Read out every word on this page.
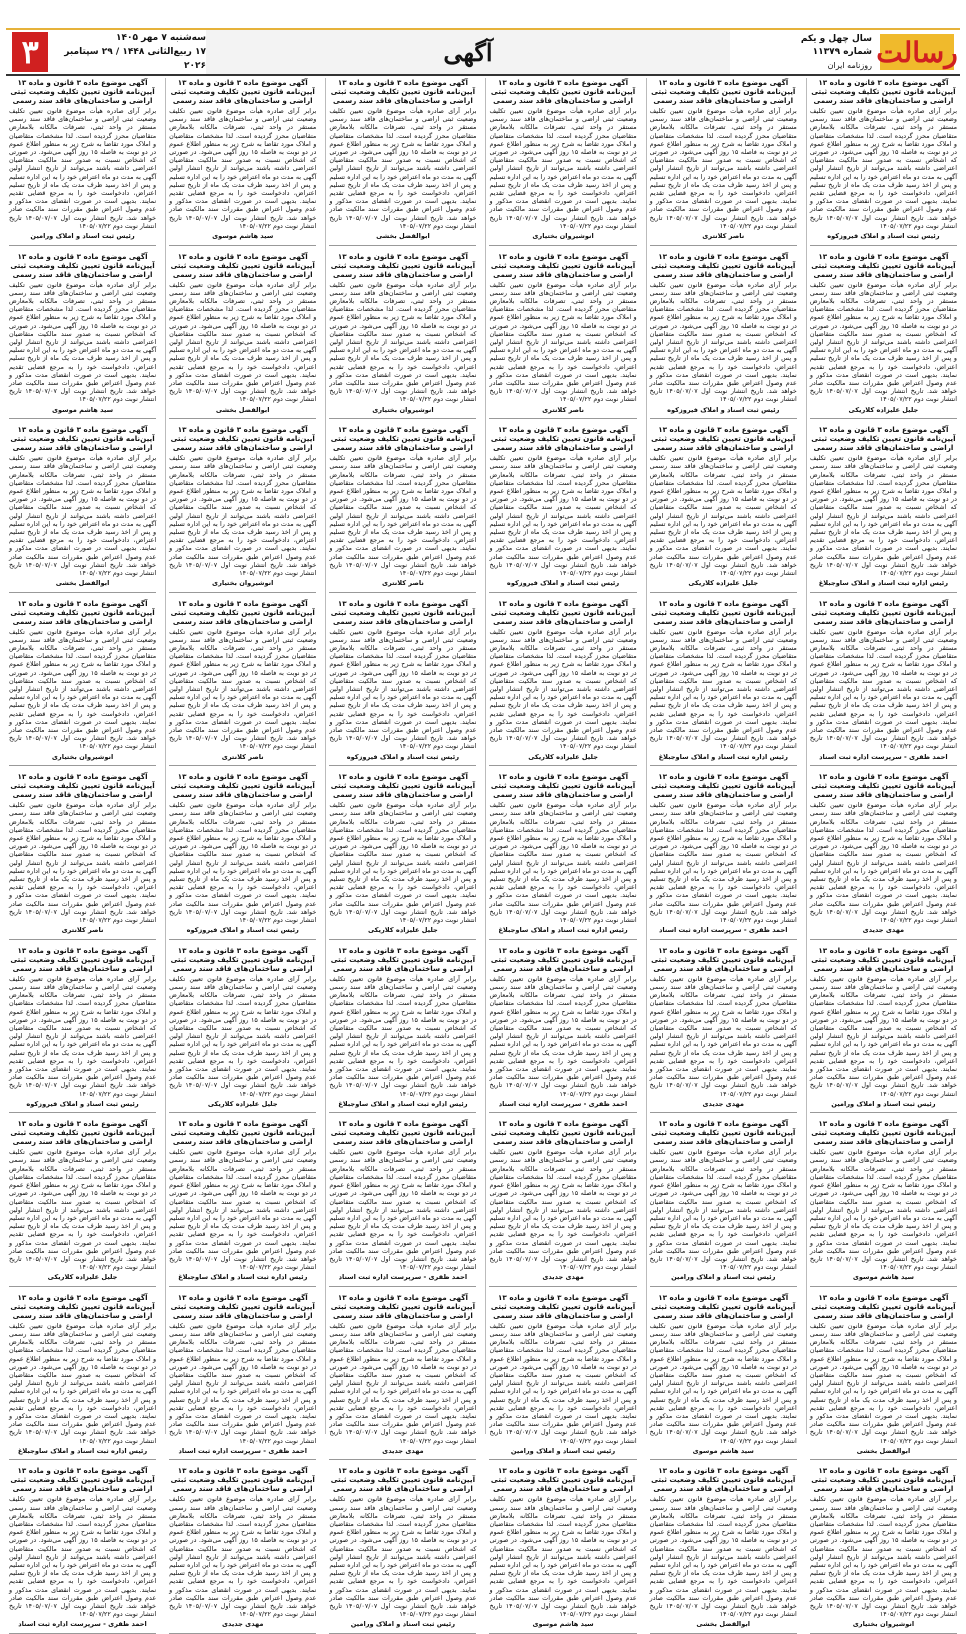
رسالت
سال چهل و یکم
شماره ۱۱۳۷۹
روزنامه ایران
آگهی
۳	سه‌شنبه ۷ مهر ۱۴۰۵
۱۷ ربیع‌الثانی ۱۴۴۸ / ۲۹ سپتامبر ۲۰۲۶
آگهی موضوع ماده ۳ قانون و ماده ۱۳ آیین‌نامه قانون تعیین تکلیف وضعیت ثبتی اراضی و ساختمان‌های فاقد سند رسمی
برابر آرای صادره هیأت موضوع قانون تعیین تکلیف وضعیت ثبتی اراضی و ساختمان‌های فاقد سند رسمی مستقر در واحد ثبتی، تصرفات مالکانه بلامعارض متقاضیان محرز گردیده است. لذا مشخصات متقاضیان و املاک مورد تقاضا به شرح زیر به منظور اطلاع عموم در دو نوبت به فاصله ۱۵ روز آگهی می‌شود. در صورتی که اشخاص نسبت به صدور سند مالکیت متقاضیان اعتراضی داشته باشند می‌توانند از تاریخ انتشار اولین آگهی به مدت دو ماه اعتراض خود را به این اداره تسلیم و پس از اخذ رسید ظرف مدت یک ماه از تاریخ تسلیم اعتراض، دادخواست خود را به مرجع قضایی تقدیم نمایند. بدیهی است در صورت انقضای مدت مذکور و عدم وصول اعتراض طبق مقررات سند مالکیت صادر خواهد شد. تاریخ انتشار نوبت اول ۱۴۰۵/۰۷/۰۷ تاریخ انتشار نوبت دوم ۱۴۰۵/۰۷/۲۲
رئیس ثبت اسناد و املاک فیروزکوه
آگهی موضوع ماده ۳ قانون و ماده ۱۳ آیین‌نامه قانون تعیین تکلیف وضعیت ثبتی اراضی و ساختمان‌های فاقد سند رسمی
برابر آرای صادره هیأت موضوع قانون تعیین تکلیف وضعیت ثبتی اراضی و ساختمان‌های فاقد سند رسمی مستقر در واحد ثبتی، تصرفات مالکانه بلامعارض متقاضیان محرز گردیده است. لذا مشخصات متقاضیان و املاک مورد تقاضا به شرح زیر به منظور اطلاع عموم در دو نوبت به فاصله ۱۵ روز آگهی می‌شود. در صورتی که اشخاص نسبت به صدور سند مالکیت متقاضیان اعتراضی داشته باشند می‌توانند از تاریخ انتشار اولین آگهی به مدت دو ماه اعتراض خود را به این اداره تسلیم و پس از اخذ رسید ظرف مدت یک ماه از تاریخ تسلیم اعتراض، دادخواست خود را به مرجع قضایی تقدیم نمایند. بدیهی است در صورت انقضای مدت مذکور و عدم وصول اعتراض طبق مقررات سند مالکیت صادر خواهد شد. تاریخ انتشار نوبت اول ۱۴۰۵/۰۷/۰۷ تاریخ انتشار نوبت دوم ۱۴۰۵/۰۷/۲۲
جلیل علیزاده کلاریکی
آگهی موضوع ماده ۳ قانون و ماده ۱۳ آیین‌نامه قانون تعیین تکلیف وضعیت ثبتی اراضی و ساختمان‌های فاقد سند رسمی
برابر آرای صادره هیأت موضوع قانون تعیین تکلیف وضعیت ثبتی اراضی و ساختمان‌های فاقد سند رسمی مستقر در واحد ثبتی، تصرفات مالکانه بلامعارض متقاضیان محرز گردیده است. لذا مشخصات متقاضیان و املاک مورد تقاضا به شرح زیر به منظور اطلاع عموم در دو نوبت به فاصله ۱۵ روز آگهی می‌شود. در صورتی که اشخاص نسبت به صدور سند مالکیت متقاضیان اعتراضی داشته باشند می‌توانند از تاریخ انتشار اولین آگهی به مدت دو ماه اعتراض خود را به این اداره تسلیم و پس از اخذ رسید ظرف مدت یک ماه از تاریخ تسلیم اعتراض، دادخواست خود را به مرجع قضایی تقدیم نمایند. بدیهی است در صورت انقضای مدت مذکور و عدم وصول اعتراض طبق مقررات سند مالکیت صادر خواهد شد. تاریخ انتشار نوبت اول ۱۴۰۵/۰۷/۰۷ تاریخ انتشار نوبت دوم ۱۴۰۵/۰۷/۲۲
رئیس اداره ثبت اسناد و املاک ساوجبلاغ
آگهی موضوع ماده ۳ قانون و ماده ۱۳ آیین‌نامه قانون تعیین تکلیف وضعیت ثبتی اراضی و ساختمان‌های فاقد سند رسمی
برابر آرای صادره هیأت موضوع قانون تعیین تکلیف وضعیت ثبتی اراضی و ساختمان‌های فاقد سند رسمی مستقر در واحد ثبتی، تصرفات مالکانه بلامعارض متقاضیان محرز گردیده است. لذا مشخصات متقاضیان و املاک مورد تقاضا به شرح زیر به منظور اطلاع عموم در دو نوبت به فاصله ۱۵ روز آگهی می‌شود. در صورتی که اشخاص نسبت به صدور سند مالکیت متقاضیان اعتراضی داشته باشند می‌توانند از تاریخ انتشار اولین آگهی به مدت دو ماه اعتراض خود را به این اداره تسلیم و پس از اخذ رسید ظرف مدت یک ماه از تاریخ تسلیم اعتراض، دادخواست خود را به مرجع قضایی تقدیم نمایند. بدیهی است در صورت انقضای مدت مذکور و عدم وصول اعتراض طبق مقررات سند مالکیت صادر خواهد شد. تاریخ انتشار نوبت اول ۱۴۰۵/۰۷/۰۷ تاریخ انتشار نوبت دوم ۱۴۰۵/۰۷/۲۲
احمد ظفری - سرپرست اداره ثبت اسناد
آگهی موضوع ماده ۳ قانون و ماده ۱۳ آیین‌نامه قانون تعیین تکلیف وضعیت ثبتی اراضی و ساختمان‌های فاقد سند رسمی
برابر آرای صادره هیأت موضوع قانون تعیین تکلیف وضعیت ثبتی اراضی و ساختمان‌های فاقد سند رسمی مستقر در واحد ثبتی، تصرفات مالکانه بلامعارض متقاضیان محرز گردیده است. لذا مشخصات متقاضیان و املاک مورد تقاضا به شرح زیر به منظور اطلاع عموم در دو نوبت به فاصله ۱۵ روز آگهی می‌شود. در صورتی که اشخاص نسبت به صدور سند مالکیت متقاضیان اعتراضی داشته باشند می‌توانند از تاریخ انتشار اولین آگهی به مدت دو ماه اعتراض خود را به این اداره تسلیم و پس از اخذ رسید ظرف مدت یک ماه از تاریخ تسلیم اعتراض، دادخواست خود را به مرجع قضایی تقدیم نمایند. بدیهی است در صورت انقضای مدت مذکور و عدم وصول اعتراض طبق مقررات سند مالکیت صادر خواهد شد. تاریخ انتشار نوبت اول ۱۴۰۵/۰۷/۰۷ تاریخ انتشار نوبت دوم ۱۴۰۵/۰۷/۲۲
مهدی جدیدی
آگهی موضوع ماده ۳ قانون و ماده ۱۳ آیین‌نامه قانون تعیین تکلیف وضعیت ثبتی اراضی و ساختمان‌های فاقد سند رسمی
برابر آرای صادره هیأت موضوع قانون تعیین تکلیف وضعیت ثبتی اراضی و ساختمان‌های فاقد سند رسمی مستقر در واحد ثبتی، تصرفات مالکانه بلامعارض متقاضیان محرز گردیده است. لذا مشخصات متقاضیان و املاک مورد تقاضا به شرح زیر به منظور اطلاع عموم در دو نوبت به فاصله ۱۵ روز آگهی می‌شود. در صورتی که اشخاص نسبت به صدور سند مالکیت متقاضیان اعتراضی داشته باشند می‌توانند از تاریخ انتشار اولین آگهی به مدت دو ماه اعتراض خود را به این اداره تسلیم و پس از اخذ رسید ظرف مدت یک ماه از تاریخ تسلیم اعتراض، دادخواست خود را به مرجع قضایی تقدیم نمایند. بدیهی است در صورت انقضای مدت مذکور و عدم وصول اعتراض طبق مقررات سند مالکیت صادر خواهد شد. تاریخ انتشار نوبت اول ۱۴۰۵/۰۷/۰۷ تاریخ انتشار نوبت دوم ۱۴۰۵/۰۷/۲۲
رئیس ثبت اسناد و املاک ورامین
آگهی موضوع ماده ۳ قانون و ماده ۱۳ آیین‌نامه قانون تعیین تکلیف وضعیت ثبتی اراضی و ساختمان‌های فاقد سند رسمی
برابر آرای صادره هیأت موضوع قانون تعیین تکلیف وضعیت ثبتی اراضی و ساختمان‌های فاقد سند رسمی مستقر در واحد ثبتی، تصرفات مالکانه بلامعارض متقاضیان محرز گردیده است. لذا مشخصات متقاضیان و املاک مورد تقاضا به شرح زیر به منظور اطلاع عموم در دو نوبت به فاصله ۱۵ روز آگهی می‌شود. در صورتی که اشخاص نسبت به صدور سند مالکیت متقاضیان اعتراضی داشته باشند می‌توانند از تاریخ انتشار اولین آگهی به مدت دو ماه اعتراض خود را به این اداره تسلیم و پس از اخذ رسید ظرف مدت یک ماه از تاریخ تسلیم اعتراض، دادخواست خود را به مرجع قضایی تقدیم نمایند. بدیهی است در صورت انقضای مدت مذکور و عدم وصول اعتراض طبق مقررات سند مالکیت صادر خواهد شد. تاریخ انتشار نوبت اول ۱۴۰۵/۰۷/۰۷ تاریخ انتشار نوبت دوم ۱۴۰۵/۰۷/۲۲
سید هاشم موسوی
آگهی موضوع ماده ۳ قانون و ماده ۱۳ آیین‌نامه قانون تعیین تکلیف وضعیت ثبتی اراضی و ساختمان‌های فاقد سند رسمی
برابر آرای صادره هیأت موضوع قانون تعیین تکلیف وضعیت ثبتی اراضی و ساختمان‌های فاقد سند رسمی مستقر در واحد ثبتی، تصرفات مالکانه بلامعارض متقاضیان محرز گردیده است. لذا مشخصات متقاضیان و املاک مورد تقاضا به شرح زیر به منظور اطلاع عموم در دو نوبت به فاصله ۱۵ روز آگهی می‌شود. در صورتی که اشخاص نسبت به صدور سند مالکیت متقاضیان اعتراضی داشته باشند می‌توانند از تاریخ انتشار اولین آگهی به مدت دو ماه اعتراض خود را به این اداره تسلیم و پس از اخذ رسید ظرف مدت یک ماه از تاریخ تسلیم اعتراض، دادخواست خود را به مرجع قضایی تقدیم نمایند. بدیهی است در صورت انقضای مدت مذکور و عدم وصول اعتراض طبق مقررات سند مالکیت صادر خواهد شد. تاریخ انتشار نوبت اول ۱۴۰۵/۰۷/۰۷ تاریخ انتشار نوبت دوم ۱۴۰۵/۰۷/۲۲
ابوالفضل بخشی
آگهی موضوع ماده ۳ قانون و ماده ۱۳ آیین‌نامه قانون تعیین تکلیف وضعیت ثبتی اراضی و ساختمان‌های فاقد سند رسمی
برابر آرای صادره هیأت موضوع قانون تعیین تکلیف وضعیت ثبتی اراضی و ساختمان‌های فاقد سند رسمی مستقر در واحد ثبتی، تصرفات مالکانه بلامعارض متقاضیان محرز گردیده است. لذا مشخصات متقاضیان و املاک مورد تقاضا به شرح زیر به منظور اطلاع عموم در دو نوبت به فاصله ۱۵ روز آگهی می‌شود. در صورتی که اشخاص نسبت به صدور سند مالکیت متقاضیان اعتراضی داشته باشند می‌توانند از تاریخ انتشار اولین آگهی به مدت دو ماه اعتراض خود را به این اداره تسلیم و پس از اخذ رسید ظرف مدت یک ماه از تاریخ تسلیم اعتراض، دادخواست خود را به مرجع قضایی تقدیم نمایند. بدیهی است در صورت انقضای مدت مذکور و عدم وصول اعتراض طبق مقررات سند مالکیت صادر خواهد شد. تاریخ انتشار نوبت اول ۱۴۰۵/۰۷/۰۷ تاریخ انتشار نوبت دوم ۱۴۰۵/۰۷/۲۲
انوشیروان بختیاری
آگهی موضوع ماده ۳ قانون و ماده ۱۳ آیین‌نامه قانون تعیین تکلیف وضعیت ثبتی اراضی و ساختمان‌های فاقد سند رسمی
برابر آرای صادره هیأت موضوع قانون تعیین تکلیف وضعیت ثبتی اراضی و ساختمان‌های فاقد سند رسمی مستقر در واحد ثبتی، تصرفات مالکانه بلامعارض متقاضیان محرز گردیده است. لذا مشخصات متقاضیان و املاک مورد تقاضا به شرح زیر به منظور اطلاع عموم در دو نوبت به فاصله ۱۵ روز آگهی می‌شود. در صورتی که اشخاص نسبت به صدور سند مالکیت متقاضیان اعتراضی داشته باشند می‌توانند از تاریخ انتشار اولین آگهی به مدت دو ماه اعتراض خود را به این اداره تسلیم و پس از اخذ رسید ظرف مدت یک ماه از تاریخ تسلیم اعتراض، دادخواست خود را به مرجع قضایی تقدیم نمایند. بدیهی است در صورت انقضای مدت مذکور و عدم وصول اعتراض طبق مقررات سند مالکیت صادر خواهد شد. تاریخ انتشار نوبت اول ۱۴۰۵/۰۷/۰۷ تاریخ انتشار نوبت دوم ۱۴۰۵/۰۷/۲۲
ناصر کلانتری
آگهی موضوع ماده ۳ قانون و ماده ۱۳ آیین‌نامه قانون تعیین تکلیف وضعیت ثبتی اراضی و ساختمان‌های فاقد سند رسمی
برابر آرای صادره هیأت موضوع قانون تعیین تکلیف وضعیت ثبتی اراضی و ساختمان‌های فاقد سند رسمی مستقر در واحد ثبتی، تصرفات مالکانه بلامعارض متقاضیان محرز گردیده است. لذا مشخصات متقاضیان و املاک مورد تقاضا به شرح زیر به منظور اطلاع عموم در دو نوبت به فاصله ۱۵ روز آگهی می‌شود. در صورتی که اشخاص نسبت به صدور سند مالکیت متقاضیان اعتراضی داشته باشند می‌توانند از تاریخ انتشار اولین آگهی به مدت دو ماه اعتراض خود را به این اداره تسلیم و پس از اخذ رسید ظرف مدت یک ماه از تاریخ تسلیم اعتراض، دادخواست خود را به مرجع قضایی تقدیم نمایند. بدیهی است در صورت انقضای مدت مذکور و عدم وصول اعتراض طبق مقررات سند مالکیت صادر خواهد شد. تاریخ انتشار نوبت اول ۱۴۰۵/۰۷/۰۷ تاریخ انتشار نوبت دوم ۱۴۰۵/۰۷/۲۲
رئیس ثبت اسناد و املاک فیروزکوه
آگهی موضوع ماده ۳ قانون و ماده ۱۳ آیین‌نامه قانون تعیین تکلیف وضعیت ثبتی اراضی و ساختمان‌های فاقد سند رسمی
برابر آرای صادره هیأت موضوع قانون تعیین تکلیف وضعیت ثبتی اراضی و ساختمان‌های فاقد سند رسمی مستقر در واحد ثبتی، تصرفات مالکانه بلامعارض متقاضیان محرز گردیده است. لذا مشخصات متقاضیان و املاک مورد تقاضا به شرح زیر به منظور اطلاع عموم در دو نوبت به فاصله ۱۵ روز آگهی می‌شود. در صورتی که اشخاص نسبت به صدور سند مالکیت متقاضیان اعتراضی داشته باشند می‌توانند از تاریخ انتشار اولین آگهی به مدت دو ماه اعتراض خود را به این اداره تسلیم و پس از اخذ رسید ظرف مدت یک ماه از تاریخ تسلیم اعتراض، دادخواست خود را به مرجع قضایی تقدیم نمایند. بدیهی است در صورت انقضای مدت مذکور و عدم وصول اعتراض طبق مقررات سند مالکیت صادر خواهد شد. تاریخ انتشار نوبت اول ۱۴۰۵/۰۷/۰۷ تاریخ انتشار نوبت دوم ۱۴۰۵/۰۷/۲۲
جلیل علیزاده کلاریکی
آگهی موضوع ماده ۳ قانون و ماده ۱۳ آیین‌نامه قانون تعیین تکلیف وضعیت ثبتی اراضی و ساختمان‌های فاقد سند رسمی
برابر آرای صادره هیأت موضوع قانون تعیین تکلیف وضعیت ثبتی اراضی و ساختمان‌های فاقد سند رسمی مستقر در واحد ثبتی، تصرفات مالکانه بلامعارض متقاضیان محرز گردیده است. لذا مشخصات متقاضیان و املاک مورد تقاضا به شرح زیر به منظور اطلاع عموم در دو نوبت به فاصله ۱۵ روز آگهی می‌شود. در صورتی که اشخاص نسبت به صدور سند مالکیت متقاضیان اعتراضی داشته باشند می‌توانند از تاریخ انتشار اولین آگهی به مدت دو ماه اعتراض خود را به این اداره تسلیم و پس از اخذ رسید ظرف مدت یک ماه از تاریخ تسلیم اعتراض، دادخواست خود را به مرجع قضایی تقدیم نمایند. بدیهی است در صورت انقضای مدت مذکور و عدم وصول اعتراض طبق مقررات سند مالکیت صادر خواهد شد. تاریخ انتشار نوبت اول ۱۴۰۵/۰۷/۰۷ تاریخ انتشار نوبت دوم ۱۴۰۵/۰۷/۲۲
رئیس اداره ثبت اسناد و املاک ساوجبلاغ
آگهی موضوع ماده ۳ قانون و ماده ۱۳ آیین‌نامه قانون تعیین تکلیف وضعیت ثبتی اراضی و ساختمان‌های فاقد سند رسمی
برابر آرای صادره هیأت موضوع قانون تعیین تکلیف وضعیت ثبتی اراضی و ساختمان‌های فاقد سند رسمی مستقر در واحد ثبتی، تصرفات مالکانه بلامعارض متقاضیان محرز گردیده است. لذا مشخصات متقاضیان و املاک مورد تقاضا به شرح زیر به منظور اطلاع عموم در دو نوبت به فاصله ۱۵ روز آگهی می‌شود. در صورتی که اشخاص نسبت به صدور سند مالکیت متقاضیان اعتراضی داشته باشند می‌توانند از تاریخ انتشار اولین آگهی به مدت دو ماه اعتراض خود را به این اداره تسلیم و پس از اخذ رسید ظرف مدت یک ماه از تاریخ تسلیم اعتراض، دادخواست خود را به مرجع قضایی تقدیم نمایند. بدیهی است در صورت انقضای مدت مذکور و عدم وصول اعتراض طبق مقررات سند مالکیت صادر خواهد شد. تاریخ انتشار نوبت اول ۱۴۰۵/۰۷/۰۷ تاریخ انتشار نوبت دوم ۱۴۰۵/۰۷/۲۲
احمد ظفری - سرپرست اداره ثبت اسناد
آگهی موضوع ماده ۳ قانون و ماده ۱۳ آیین‌نامه قانون تعیین تکلیف وضعیت ثبتی اراضی و ساختمان‌های فاقد سند رسمی
برابر آرای صادره هیأت موضوع قانون تعیین تکلیف وضعیت ثبتی اراضی و ساختمان‌های فاقد سند رسمی مستقر در واحد ثبتی، تصرفات مالکانه بلامعارض متقاضیان محرز گردیده است. لذا مشخصات متقاضیان و املاک مورد تقاضا به شرح زیر به منظور اطلاع عموم در دو نوبت به فاصله ۱۵ روز آگهی می‌شود. در صورتی که اشخاص نسبت به صدور سند مالکیت متقاضیان اعتراضی داشته باشند می‌توانند از تاریخ انتشار اولین آگهی به مدت دو ماه اعتراض خود را به این اداره تسلیم و پس از اخذ رسید ظرف مدت یک ماه از تاریخ تسلیم اعتراض، دادخواست خود را به مرجع قضایی تقدیم نمایند. بدیهی است در صورت انقضای مدت مذکور و عدم وصول اعتراض طبق مقررات سند مالکیت صادر خواهد شد. تاریخ انتشار نوبت اول ۱۴۰۵/۰۷/۰۷ تاریخ انتشار نوبت دوم ۱۴۰۵/۰۷/۲۲
مهدی جدیدی
آگهی موضوع ماده ۳ قانون و ماده ۱۳ آیین‌نامه قانون تعیین تکلیف وضعیت ثبتی اراضی و ساختمان‌های فاقد سند رسمی
برابر آرای صادره هیأت موضوع قانون تعیین تکلیف وضعیت ثبتی اراضی و ساختمان‌های فاقد سند رسمی مستقر در واحد ثبتی، تصرفات مالکانه بلامعارض متقاضیان محرز گردیده است. لذا مشخصات متقاضیان و املاک مورد تقاضا به شرح زیر به منظور اطلاع عموم در دو نوبت به فاصله ۱۵ روز آگهی می‌شود. در صورتی که اشخاص نسبت به صدور سند مالکیت متقاضیان اعتراضی داشته باشند می‌توانند از تاریخ انتشار اولین آگهی به مدت دو ماه اعتراض خود را به این اداره تسلیم و پس از اخذ رسید ظرف مدت یک ماه از تاریخ تسلیم اعتراض، دادخواست خود را به مرجع قضایی تقدیم نمایند. بدیهی است در صورت انقضای مدت مذکور و عدم وصول اعتراض طبق مقررات سند مالکیت صادر خواهد شد. تاریخ انتشار نوبت اول ۱۴۰۵/۰۷/۰۷ تاریخ انتشار نوبت دوم ۱۴۰۵/۰۷/۲۲
رئیس ثبت اسناد و املاک ورامین
آگهی موضوع ماده ۳ قانون و ماده ۱۳ آیین‌نامه قانون تعیین تکلیف وضعیت ثبتی اراضی و ساختمان‌های فاقد سند رسمی
برابر آرای صادره هیأت موضوع قانون تعیین تکلیف وضعیت ثبتی اراضی و ساختمان‌های فاقد سند رسمی مستقر در واحد ثبتی، تصرفات مالکانه بلامعارض متقاضیان محرز گردیده است. لذا مشخصات متقاضیان و املاک مورد تقاضا به شرح زیر به منظور اطلاع عموم در دو نوبت به فاصله ۱۵ روز آگهی می‌شود. در صورتی که اشخاص نسبت به صدور سند مالکیت متقاضیان اعتراضی داشته باشند می‌توانند از تاریخ انتشار اولین آگهی به مدت دو ماه اعتراض خود را به این اداره تسلیم و پس از اخذ رسید ظرف مدت یک ماه از تاریخ تسلیم اعتراض، دادخواست خود را به مرجع قضایی تقدیم نمایند. بدیهی است در صورت انقضای مدت مذکور و عدم وصول اعتراض طبق مقررات سند مالکیت صادر خواهد شد. تاریخ انتشار نوبت اول ۱۴۰۵/۰۷/۰۷ تاریخ انتشار نوبت دوم ۱۴۰۵/۰۷/۲۲
سید هاشم موسوی
آگهی موضوع ماده ۳ قانون و ماده ۱۳ آیین‌نامه قانون تعیین تکلیف وضعیت ثبتی اراضی و ساختمان‌های فاقد سند رسمی
برابر آرای صادره هیأت موضوع قانون تعیین تکلیف وضعیت ثبتی اراضی و ساختمان‌های فاقد سند رسمی مستقر در واحد ثبتی، تصرفات مالکانه بلامعارض متقاضیان محرز گردیده است. لذا مشخصات متقاضیان و املاک مورد تقاضا به شرح زیر به منظور اطلاع عموم در دو نوبت به فاصله ۱۵ روز آگهی می‌شود. در صورتی که اشخاص نسبت به صدور سند مالکیت متقاضیان اعتراضی داشته باشند می‌توانند از تاریخ انتشار اولین آگهی به مدت دو ماه اعتراض خود را به این اداره تسلیم و پس از اخذ رسید ظرف مدت یک ماه از تاریخ تسلیم اعتراض، دادخواست خود را به مرجع قضایی تقدیم نمایند. بدیهی است در صورت انقضای مدت مذکور و عدم وصول اعتراض طبق مقررات سند مالکیت صادر خواهد شد. تاریخ انتشار نوبت اول ۱۴۰۵/۰۷/۰۷ تاریخ انتشار نوبت دوم ۱۴۰۵/۰۷/۲۲
ابوالفضل بخشی
آگهی موضوع ماده ۳ قانون و ماده ۱۳ آیین‌نامه قانون تعیین تکلیف وضعیت ثبتی اراضی و ساختمان‌های فاقد سند رسمی
برابر آرای صادره هیأت موضوع قانون تعیین تکلیف وضعیت ثبتی اراضی و ساختمان‌های فاقد سند رسمی مستقر در واحد ثبتی، تصرفات مالکانه بلامعارض متقاضیان محرز گردیده است. لذا مشخصات متقاضیان و املاک مورد تقاضا به شرح زیر به منظور اطلاع عموم در دو نوبت به فاصله ۱۵ روز آگهی می‌شود. در صورتی که اشخاص نسبت به صدور سند مالکیت متقاضیان اعتراضی داشته باشند می‌توانند از تاریخ انتشار اولین آگهی به مدت دو ماه اعتراض خود را به این اداره تسلیم و پس از اخذ رسید ظرف مدت یک ماه از تاریخ تسلیم اعتراض، دادخواست خود را به مرجع قضایی تقدیم نمایند. بدیهی است در صورت انقضای مدت مذکور و عدم وصول اعتراض طبق مقررات سند مالکیت صادر خواهد شد. تاریخ انتشار نوبت اول ۱۴۰۵/۰۷/۰۷ تاریخ انتشار نوبت دوم ۱۴۰۵/۰۷/۲۲
انوشیروان بختیاری
آگهی موضوع ماده ۳ قانون و ماده ۱۳ آیین‌نامه قانون تعیین تکلیف وضعیت ثبتی اراضی و ساختمان‌های فاقد سند رسمی
برابر آرای صادره هیأت موضوع قانون تعیین تکلیف وضعیت ثبتی اراضی و ساختمان‌های فاقد سند رسمی مستقر در واحد ثبتی، تصرفات مالکانه بلامعارض متقاضیان محرز گردیده است. لذا مشخصات متقاضیان و املاک مورد تقاضا به شرح زیر به منظور اطلاع عموم در دو نوبت به فاصله ۱۵ روز آگهی می‌شود. در صورتی که اشخاص نسبت به صدور سند مالکیت متقاضیان اعتراضی داشته باشند می‌توانند از تاریخ انتشار اولین آگهی به مدت دو ماه اعتراض خود را به این اداره تسلیم و پس از اخذ رسید ظرف مدت یک ماه از تاریخ تسلیم اعتراض، دادخواست خود را به مرجع قضایی تقدیم نمایند. بدیهی است در صورت انقضای مدت مذکور و عدم وصول اعتراض طبق مقررات سند مالکیت صادر خواهد شد. تاریخ انتشار نوبت اول ۱۴۰۵/۰۷/۰۷ تاریخ انتشار نوبت دوم ۱۴۰۵/۰۷/۲۲
ناصر کلانتری
آگهی موضوع ماده ۳ قانون و ماده ۱۳ آیین‌نامه قانون تعیین تکلیف وضعیت ثبتی اراضی و ساختمان‌های فاقد سند رسمی
برابر آرای صادره هیأت موضوع قانون تعیین تکلیف وضعیت ثبتی اراضی و ساختمان‌های فاقد سند رسمی مستقر در واحد ثبتی، تصرفات مالکانه بلامعارض متقاضیان محرز گردیده است. لذا مشخصات متقاضیان و املاک مورد تقاضا به شرح زیر به منظور اطلاع عموم در دو نوبت به فاصله ۱۵ روز آگهی می‌شود. در صورتی که اشخاص نسبت به صدور سند مالکیت متقاضیان اعتراضی داشته باشند می‌توانند از تاریخ انتشار اولین آگهی به مدت دو ماه اعتراض خود را به این اداره تسلیم و پس از اخذ رسید ظرف مدت یک ماه از تاریخ تسلیم اعتراض، دادخواست خود را به مرجع قضایی تقدیم نمایند. بدیهی است در صورت انقضای مدت مذکور و عدم وصول اعتراض طبق مقررات سند مالکیت صادر خواهد شد. تاریخ انتشار نوبت اول ۱۴۰۵/۰۷/۰۷ تاریخ انتشار نوبت دوم ۱۴۰۵/۰۷/۲۲
رئیس ثبت اسناد و املاک فیروزکوه
آگهی موضوع ماده ۳ قانون و ماده ۱۳ آیین‌نامه قانون تعیین تکلیف وضعیت ثبتی اراضی و ساختمان‌های فاقد سند رسمی
برابر آرای صادره هیأت موضوع قانون تعیین تکلیف وضعیت ثبتی اراضی و ساختمان‌های فاقد سند رسمی مستقر در واحد ثبتی، تصرفات مالکانه بلامعارض متقاضیان محرز گردیده است. لذا مشخصات متقاضیان و املاک مورد تقاضا به شرح زیر به منظور اطلاع عموم در دو نوبت به فاصله ۱۵ روز آگهی می‌شود. در صورتی که اشخاص نسبت به صدور سند مالکیت متقاضیان اعتراضی داشته باشند می‌توانند از تاریخ انتشار اولین آگهی به مدت دو ماه اعتراض خود را به این اداره تسلیم و پس از اخذ رسید ظرف مدت یک ماه از تاریخ تسلیم اعتراض، دادخواست خود را به مرجع قضایی تقدیم نمایند. بدیهی است در صورت انقضای مدت مذکور و عدم وصول اعتراض طبق مقررات سند مالکیت صادر خواهد شد. تاریخ انتشار نوبت اول ۱۴۰۵/۰۷/۰۷ تاریخ انتشار نوبت دوم ۱۴۰۵/۰۷/۲۲
جلیل علیزاده کلاریکی
آگهی موضوع ماده ۳ قانون و ماده ۱۳ آیین‌نامه قانون تعیین تکلیف وضعیت ثبتی اراضی و ساختمان‌های فاقد سند رسمی
برابر آرای صادره هیأت موضوع قانون تعیین تکلیف وضعیت ثبتی اراضی و ساختمان‌های فاقد سند رسمی مستقر در واحد ثبتی، تصرفات مالکانه بلامعارض متقاضیان محرز گردیده است. لذا مشخصات متقاضیان و املاک مورد تقاضا به شرح زیر به منظور اطلاع عموم در دو نوبت به فاصله ۱۵ روز آگهی می‌شود. در صورتی که اشخاص نسبت به صدور سند مالکیت متقاضیان اعتراضی داشته باشند می‌توانند از تاریخ انتشار اولین آگهی به مدت دو ماه اعتراض خود را به این اداره تسلیم و پس از اخذ رسید ظرف مدت یک ماه از تاریخ تسلیم اعتراض، دادخواست خود را به مرجع قضایی تقدیم نمایند. بدیهی است در صورت انقضای مدت مذکور و عدم وصول اعتراض طبق مقررات سند مالکیت صادر خواهد شد. تاریخ انتشار نوبت اول ۱۴۰۵/۰۷/۰۷ تاریخ انتشار نوبت دوم ۱۴۰۵/۰۷/۲۲
رئیس اداره ثبت اسناد و املاک ساوجبلاغ
آگهی موضوع ماده ۳ قانون و ماده ۱۳ آیین‌نامه قانون تعیین تکلیف وضعیت ثبتی اراضی و ساختمان‌های فاقد سند رسمی
برابر آرای صادره هیأت موضوع قانون تعیین تکلیف وضعیت ثبتی اراضی و ساختمان‌های فاقد سند رسمی مستقر در واحد ثبتی، تصرفات مالکانه بلامعارض متقاضیان محرز گردیده است. لذا مشخصات متقاضیان و املاک مورد تقاضا به شرح زیر به منظور اطلاع عموم در دو نوبت به فاصله ۱۵ روز آگهی می‌شود. در صورتی که اشخاص نسبت به صدور سند مالکیت متقاضیان اعتراضی داشته باشند می‌توانند از تاریخ انتشار اولین آگهی به مدت دو ماه اعتراض خود را به این اداره تسلیم و پس از اخذ رسید ظرف مدت یک ماه از تاریخ تسلیم اعتراض، دادخواست خود را به مرجع قضایی تقدیم نمایند. بدیهی است در صورت انقضای مدت مذکور و عدم وصول اعتراض طبق مقررات سند مالکیت صادر خواهد شد. تاریخ انتشار نوبت اول ۱۴۰۵/۰۷/۰۷ تاریخ انتشار نوبت دوم ۱۴۰۵/۰۷/۲۲
احمد ظفری - سرپرست اداره ثبت اسناد
آگهی موضوع ماده ۳ قانون و ماده ۱۳ آیین‌نامه قانون تعیین تکلیف وضعیت ثبتی اراضی و ساختمان‌های فاقد سند رسمی
برابر آرای صادره هیأت موضوع قانون تعیین تکلیف وضعیت ثبتی اراضی و ساختمان‌های فاقد سند رسمی مستقر در واحد ثبتی، تصرفات مالکانه بلامعارض متقاضیان محرز گردیده است. لذا مشخصات متقاضیان و املاک مورد تقاضا به شرح زیر به منظور اطلاع عموم در دو نوبت به فاصله ۱۵ روز آگهی می‌شود. در صورتی که اشخاص نسبت به صدور سند مالکیت متقاضیان اعتراضی داشته باشند می‌توانند از تاریخ انتشار اولین آگهی به مدت دو ماه اعتراض خود را به این اداره تسلیم و پس از اخذ رسید ظرف مدت یک ماه از تاریخ تسلیم اعتراض، دادخواست خود را به مرجع قضایی تقدیم نمایند. بدیهی است در صورت انقضای مدت مذکور و عدم وصول اعتراض طبق مقررات سند مالکیت صادر خواهد شد. تاریخ انتشار نوبت اول ۱۴۰۵/۰۷/۰۷ تاریخ انتشار نوبت دوم ۱۴۰۵/۰۷/۲۲
مهدی جدیدی
آگهی موضوع ماده ۳ قانون و ماده ۱۳ آیین‌نامه قانون تعیین تکلیف وضعیت ثبتی اراضی و ساختمان‌های فاقد سند رسمی
برابر آرای صادره هیأت موضوع قانون تعیین تکلیف وضعیت ثبتی اراضی و ساختمان‌های فاقد سند رسمی مستقر در واحد ثبتی، تصرفات مالکانه بلامعارض متقاضیان محرز گردیده است. لذا مشخصات متقاضیان و املاک مورد تقاضا به شرح زیر به منظور اطلاع عموم در دو نوبت به فاصله ۱۵ روز آگهی می‌شود. در صورتی که اشخاص نسبت به صدور سند مالکیت متقاضیان اعتراضی داشته باشند می‌توانند از تاریخ انتشار اولین آگهی به مدت دو ماه اعتراض خود را به این اداره تسلیم و پس از اخذ رسید ظرف مدت یک ماه از تاریخ تسلیم اعتراض، دادخواست خود را به مرجع قضایی تقدیم نمایند. بدیهی است در صورت انقضای مدت مذکور و عدم وصول اعتراض طبق مقررات سند مالکیت صادر خواهد شد. تاریخ انتشار نوبت اول ۱۴۰۵/۰۷/۰۷ تاریخ انتشار نوبت دوم ۱۴۰۵/۰۷/۲۲
رئیس ثبت اسناد و املاک ورامین
آگهی موضوع ماده ۳ قانون و ماده ۱۳ آیین‌نامه قانون تعیین تکلیف وضعیت ثبتی اراضی و ساختمان‌های فاقد سند رسمی
برابر آرای صادره هیأت موضوع قانون تعیین تکلیف وضعیت ثبتی اراضی و ساختمان‌های فاقد سند رسمی مستقر در واحد ثبتی، تصرفات مالکانه بلامعارض متقاضیان محرز گردیده است. لذا مشخصات متقاضیان و املاک مورد تقاضا به شرح زیر به منظور اطلاع عموم در دو نوبت به فاصله ۱۵ روز آگهی می‌شود. در صورتی که اشخاص نسبت به صدور سند مالکیت متقاضیان اعتراضی داشته باشند می‌توانند از تاریخ انتشار اولین آگهی به مدت دو ماه اعتراض خود را به این اداره تسلیم و پس از اخذ رسید ظرف مدت یک ماه از تاریخ تسلیم اعتراض، دادخواست خود را به مرجع قضایی تقدیم نمایند. بدیهی است در صورت انقضای مدت مذکور و عدم وصول اعتراض طبق مقررات سند مالکیت صادر خواهد شد. تاریخ انتشار نوبت اول ۱۴۰۵/۰۷/۰۷ تاریخ انتشار نوبت دوم ۱۴۰۵/۰۷/۲۲
سید هاشم موسوی
آگهی موضوع ماده ۳ قانون و ماده ۱۳ آیین‌نامه قانون تعیین تکلیف وضعیت ثبتی اراضی و ساختمان‌های فاقد سند رسمی
برابر آرای صادره هیأت موضوع قانون تعیین تکلیف وضعیت ثبتی اراضی و ساختمان‌های فاقد سند رسمی مستقر در واحد ثبتی، تصرفات مالکانه بلامعارض متقاضیان محرز گردیده است. لذا مشخصات متقاضیان و املاک مورد تقاضا به شرح زیر به منظور اطلاع عموم در دو نوبت به فاصله ۱۵ روز آگهی می‌شود. در صورتی که اشخاص نسبت به صدور سند مالکیت متقاضیان اعتراضی داشته باشند می‌توانند از تاریخ انتشار اولین آگهی به مدت دو ماه اعتراض خود را به این اداره تسلیم و پس از اخذ رسید ظرف مدت یک ماه از تاریخ تسلیم اعتراض، دادخواست خود را به مرجع قضایی تقدیم نمایند. بدیهی است در صورت انقضای مدت مذکور و عدم وصول اعتراض طبق مقررات سند مالکیت صادر خواهد شد. تاریخ انتشار نوبت اول ۱۴۰۵/۰۷/۰۷ تاریخ انتشار نوبت دوم ۱۴۰۵/۰۷/۲۲
ابوالفضل بخشی
آگهی موضوع ماده ۳ قانون و ماده ۱۳ آیین‌نامه قانون تعیین تکلیف وضعیت ثبتی اراضی و ساختمان‌های فاقد سند رسمی
برابر آرای صادره هیأت موضوع قانون تعیین تکلیف وضعیت ثبتی اراضی و ساختمان‌های فاقد سند رسمی مستقر در واحد ثبتی، تصرفات مالکانه بلامعارض متقاضیان محرز گردیده است. لذا مشخصات متقاضیان و املاک مورد تقاضا به شرح زیر به منظور اطلاع عموم در دو نوبت به فاصله ۱۵ روز آگهی می‌شود. در صورتی که اشخاص نسبت به صدور سند مالکیت متقاضیان اعتراضی داشته باشند می‌توانند از تاریخ انتشار اولین آگهی به مدت دو ماه اعتراض خود را به این اداره تسلیم و پس از اخذ رسید ظرف مدت یک ماه از تاریخ تسلیم اعتراض، دادخواست خود را به مرجع قضایی تقدیم نمایند. بدیهی است در صورت انقضای مدت مذکور و عدم وصول اعتراض طبق مقررات سند مالکیت صادر خواهد شد. تاریخ انتشار نوبت اول ۱۴۰۵/۰۷/۰۷ تاریخ انتشار نوبت دوم ۱۴۰۵/۰۷/۲۲
انوشیروان بختیاری
آگهی موضوع ماده ۳ قانون و ماده ۱۳ آیین‌نامه قانون تعیین تکلیف وضعیت ثبتی اراضی و ساختمان‌های فاقد سند رسمی
برابر آرای صادره هیأت موضوع قانون تعیین تکلیف وضعیت ثبتی اراضی و ساختمان‌های فاقد سند رسمی مستقر در واحد ثبتی، تصرفات مالکانه بلامعارض متقاضیان محرز گردیده است. لذا مشخصات متقاضیان و املاک مورد تقاضا به شرح زیر به منظور اطلاع عموم در دو نوبت به فاصله ۱۵ روز آگهی می‌شود. در صورتی که اشخاص نسبت به صدور سند مالکیت متقاضیان اعتراضی داشته باشند می‌توانند از تاریخ انتشار اولین آگهی به مدت دو ماه اعتراض خود را به این اداره تسلیم و پس از اخذ رسید ظرف مدت یک ماه از تاریخ تسلیم اعتراض، دادخواست خود را به مرجع قضایی تقدیم نمایند. بدیهی است در صورت انقضای مدت مذکور و عدم وصول اعتراض طبق مقررات سند مالکیت صادر خواهد شد. تاریخ انتشار نوبت اول ۱۴۰۵/۰۷/۰۷ تاریخ انتشار نوبت دوم ۱۴۰۵/۰۷/۲۲
ناصر کلانتری
آگهی موضوع ماده ۳ قانون و ماده ۱۳ آیین‌نامه قانون تعیین تکلیف وضعیت ثبتی اراضی و ساختمان‌های فاقد سند رسمی
برابر آرای صادره هیأت موضوع قانون تعیین تکلیف وضعیت ثبتی اراضی و ساختمان‌های فاقد سند رسمی مستقر در واحد ثبتی، تصرفات مالکانه بلامعارض متقاضیان محرز گردیده است. لذا مشخصات متقاضیان و املاک مورد تقاضا به شرح زیر به منظور اطلاع عموم در دو نوبت به فاصله ۱۵ روز آگهی می‌شود. در صورتی که اشخاص نسبت به صدور سند مالکیت متقاضیان اعتراضی داشته باشند می‌توانند از تاریخ انتشار اولین آگهی به مدت دو ماه اعتراض خود را به این اداره تسلیم و پس از اخذ رسید ظرف مدت یک ماه از تاریخ تسلیم اعتراض، دادخواست خود را به مرجع قضایی تقدیم نمایند. بدیهی است در صورت انقضای مدت مذکور و عدم وصول اعتراض طبق مقررات سند مالکیت صادر خواهد شد. تاریخ انتشار نوبت اول ۱۴۰۵/۰۷/۰۷ تاریخ انتشار نوبت دوم ۱۴۰۵/۰۷/۲۲
رئیس ثبت اسناد و املاک فیروزکوه
آگهی موضوع ماده ۳ قانون و ماده ۱۳ آیین‌نامه قانون تعیین تکلیف وضعیت ثبتی اراضی و ساختمان‌های فاقد سند رسمی
برابر آرای صادره هیأت موضوع قانون تعیین تکلیف وضعیت ثبتی اراضی و ساختمان‌های فاقد سند رسمی مستقر در واحد ثبتی، تصرفات مالکانه بلامعارض متقاضیان محرز گردیده است. لذا مشخصات متقاضیان و املاک مورد تقاضا به شرح زیر به منظور اطلاع عموم در دو نوبت به فاصله ۱۵ روز آگهی می‌شود. در صورتی که اشخاص نسبت به صدور سند مالکیت متقاضیان اعتراضی داشته باشند می‌توانند از تاریخ انتشار اولین آگهی به مدت دو ماه اعتراض خود را به این اداره تسلیم و پس از اخذ رسید ظرف مدت یک ماه از تاریخ تسلیم اعتراض، دادخواست خود را به مرجع قضایی تقدیم نمایند. بدیهی است در صورت انقضای مدت مذکور و عدم وصول اعتراض طبق مقررات سند مالکیت صادر خواهد شد. تاریخ انتشار نوبت اول ۱۴۰۵/۰۷/۰۷ تاریخ انتشار نوبت دوم ۱۴۰۵/۰۷/۲۲
جلیل علیزاده کلاریکی
آگهی موضوع ماده ۳ قانون و ماده ۱۳ آیین‌نامه قانون تعیین تکلیف وضعیت ثبتی اراضی و ساختمان‌های فاقد سند رسمی
برابر آرای صادره هیأت موضوع قانون تعیین تکلیف وضعیت ثبتی اراضی و ساختمان‌های فاقد سند رسمی مستقر در واحد ثبتی، تصرفات مالکانه بلامعارض متقاضیان محرز گردیده است. لذا مشخصات متقاضیان و املاک مورد تقاضا به شرح زیر به منظور اطلاع عموم در دو نوبت به فاصله ۱۵ روز آگهی می‌شود. در صورتی که اشخاص نسبت به صدور سند مالکیت متقاضیان اعتراضی داشته باشند می‌توانند از تاریخ انتشار اولین آگهی به مدت دو ماه اعتراض خود را به این اداره تسلیم و پس از اخذ رسید ظرف مدت یک ماه از تاریخ تسلیم اعتراض، دادخواست خود را به مرجع قضایی تقدیم نمایند. بدیهی است در صورت انقضای مدت مذکور و عدم وصول اعتراض طبق مقررات سند مالکیت صادر خواهد شد. تاریخ انتشار نوبت اول ۱۴۰۵/۰۷/۰۷ تاریخ انتشار نوبت دوم ۱۴۰۵/۰۷/۲۲
رئیس اداره ثبت اسناد و املاک ساوجبلاغ
آگهی موضوع ماده ۳ قانون و ماده ۱۳ آیین‌نامه قانون تعیین تکلیف وضعیت ثبتی اراضی و ساختمان‌های فاقد سند رسمی
برابر آرای صادره هیأت موضوع قانون تعیین تکلیف وضعیت ثبتی اراضی و ساختمان‌های فاقد سند رسمی مستقر در واحد ثبتی، تصرفات مالکانه بلامعارض متقاضیان محرز گردیده است. لذا مشخصات متقاضیان و املاک مورد تقاضا به شرح زیر به منظور اطلاع عموم در دو نوبت به فاصله ۱۵ روز آگهی می‌شود. در صورتی که اشخاص نسبت به صدور سند مالکیت متقاضیان اعتراضی داشته باشند می‌توانند از تاریخ انتشار اولین آگهی به مدت دو ماه اعتراض خود را به این اداره تسلیم و پس از اخذ رسید ظرف مدت یک ماه از تاریخ تسلیم اعتراض، دادخواست خود را به مرجع قضایی تقدیم نمایند. بدیهی است در صورت انقضای مدت مذکور و عدم وصول اعتراض طبق مقررات سند مالکیت صادر خواهد شد. تاریخ انتشار نوبت اول ۱۴۰۵/۰۷/۰۷ تاریخ انتشار نوبت دوم ۱۴۰۵/۰۷/۲۲
احمد ظفری - سرپرست اداره ثبت اسناد
آگهی موضوع ماده ۳ قانون و ماده ۱۳ آیین‌نامه قانون تعیین تکلیف وضعیت ثبتی اراضی و ساختمان‌های فاقد سند رسمی
برابر آرای صادره هیأت موضوع قانون تعیین تکلیف وضعیت ثبتی اراضی و ساختمان‌های فاقد سند رسمی مستقر در واحد ثبتی، تصرفات مالکانه بلامعارض متقاضیان محرز گردیده است. لذا مشخصات متقاضیان و املاک مورد تقاضا به شرح زیر به منظور اطلاع عموم در دو نوبت به فاصله ۱۵ روز آگهی می‌شود. در صورتی که اشخاص نسبت به صدور سند مالکیت متقاضیان اعتراضی داشته باشند می‌توانند از تاریخ انتشار اولین آگهی به مدت دو ماه اعتراض خود را به این اداره تسلیم و پس از اخذ رسید ظرف مدت یک ماه از تاریخ تسلیم اعتراض، دادخواست خود را به مرجع قضایی تقدیم نمایند. بدیهی است در صورت انقضای مدت مذکور و عدم وصول اعتراض طبق مقررات سند مالکیت صادر خواهد شد. تاریخ انتشار نوبت اول ۱۴۰۵/۰۷/۰۷ تاریخ انتشار نوبت دوم ۱۴۰۵/۰۷/۲۲
مهدی جدیدی
آگهی موضوع ماده ۳ قانون و ماده ۱۳ آیین‌نامه قانون تعیین تکلیف وضعیت ثبتی اراضی و ساختمان‌های فاقد سند رسمی
برابر آرای صادره هیأت موضوع قانون تعیین تکلیف وضعیت ثبتی اراضی و ساختمان‌های فاقد سند رسمی مستقر در واحد ثبتی، تصرفات مالکانه بلامعارض متقاضیان محرز گردیده است. لذا مشخصات متقاضیان و املاک مورد تقاضا به شرح زیر به منظور اطلاع عموم در دو نوبت به فاصله ۱۵ روز آگهی می‌شود. در صورتی که اشخاص نسبت به صدور سند مالکیت متقاضیان اعتراضی داشته باشند می‌توانند از تاریخ انتشار اولین آگهی به مدت دو ماه اعتراض خود را به این اداره تسلیم و پس از اخذ رسید ظرف مدت یک ماه از تاریخ تسلیم اعتراض، دادخواست خود را به مرجع قضایی تقدیم نمایند. بدیهی است در صورت انقضای مدت مذکور و عدم وصول اعتراض طبق مقررات سند مالکیت صادر خواهد شد. تاریخ انتشار نوبت اول ۱۴۰۵/۰۷/۰۷ تاریخ انتشار نوبت دوم ۱۴۰۵/۰۷/۲۲
رئیس ثبت اسناد و املاک ورامین
آگهی موضوع ماده ۳ قانون و ماده ۱۳ آیین‌نامه قانون تعیین تکلیف وضعیت ثبتی اراضی و ساختمان‌های فاقد سند رسمی
برابر آرای صادره هیأت موضوع قانون تعیین تکلیف وضعیت ثبتی اراضی و ساختمان‌های فاقد سند رسمی مستقر در واحد ثبتی، تصرفات مالکانه بلامعارض متقاضیان محرز گردیده است. لذا مشخصات متقاضیان و املاک مورد تقاضا به شرح زیر به منظور اطلاع عموم در دو نوبت به فاصله ۱۵ روز آگهی می‌شود. در صورتی که اشخاص نسبت به صدور سند مالکیت متقاضیان اعتراضی داشته باشند می‌توانند از تاریخ انتشار اولین آگهی به مدت دو ماه اعتراض خود را به این اداره تسلیم و پس از اخذ رسید ظرف مدت یک ماه از تاریخ تسلیم اعتراض، دادخواست خود را به مرجع قضایی تقدیم نمایند. بدیهی است در صورت انقضای مدت مذکور و عدم وصول اعتراض طبق مقررات سند مالکیت صادر خواهد شد. تاریخ انتشار نوبت اول ۱۴۰۵/۰۷/۰۷ تاریخ انتشار نوبت دوم ۱۴۰۵/۰۷/۲۲
سید هاشم موسوی
آگهی موضوع ماده ۳ قانون و ماده ۱۳ آیین‌نامه قانون تعیین تکلیف وضعیت ثبتی اراضی و ساختمان‌های فاقد سند رسمی
برابر آرای صادره هیأت موضوع قانون تعیین تکلیف وضعیت ثبتی اراضی و ساختمان‌های فاقد سند رسمی مستقر در واحد ثبتی، تصرفات مالکانه بلامعارض متقاضیان محرز گردیده است. لذا مشخصات متقاضیان و املاک مورد تقاضا به شرح زیر به منظور اطلاع عموم در دو نوبت به فاصله ۱۵ روز آگهی می‌شود. در صورتی که اشخاص نسبت به صدور سند مالکیت متقاضیان اعتراضی داشته باشند می‌توانند از تاریخ انتشار اولین آگهی به مدت دو ماه اعتراض خود را به این اداره تسلیم و پس از اخذ رسید ظرف مدت یک ماه از تاریخ تسلیم اعتراض، دادخواست خود را به مرجع قضایی تقدیم نمایند. بدیهی است در صورت انقضای مدت مذکور و عدم وصول اعتراض طبق مقررات سند مالکیت صادر خواهد شد. تاریخ انتشار نوبت اول ۱۴۰۵/۰۷/۰۷ تاریخ انتشار نوبت دوم ۱۴۰۵/۰۷/۲۲
ابوالفضل بخشی
آگهی موضوع ماده ۳ قانون و ماده ۱۳ آیین‌نامه قانون تعیین تکلیف وضعیت ثبتی اراضی و ساختمان‌های فاقد سند رسمی
برابر آرای صادره هیأت موضوع قانون تعیین تکلیف وضعیت ثبتی اراضی و ساختمان‌های فاقد سند رسمی مستقر در واحد ثبتی، تصرفات مالکانه بلامعارض متقاضیان محرز گردیده است. لذا مشخصات متقاضیان و املاک مورد تقاضا به شرح زیر به منظور اطلاع عموم در دو نوبت به فاصله ۱۵ روز آگهی می‌شود. در صورتی که اشخاص نسبت به صدور سند مالکیت متقاضیان اعتراضی داشته باشند می‌توانند از تاریخ انتشار اولین آگهی به مدت دو ماه اعتراض خود را به این اداره تسلیم و پس از اخذ رسید ظرف مدت یک ماه از تاریخ تسلیم اعتراض، دادخواست خود را به مرجع قضایی تقدیم نمایند. بدیهی است در صورت انقضای مدت مذکور و عدم وصول اعتراض طبق مقررات سند مالکیت صادر خواهد شد. تاریخ انتشار نوبت اول ۱۴۰۵/۰۷/۰۷ تاریخ انتشار نوبت دوم ۱۴۰۵/۰۷/۲۲
انوشیروان بختیاری
آگهی موضوع ماده ۳ قانون و ماده ۱۳ آیین‌نامه قانون تعیین تکلیف وضعیت ثبتی اراضی و ساختمان‌های فاقد سند رسمی
برابر آرای صادره هیأت موضوع قانون تعیین تکلیف وضعیت ثبتی اراضی و ساختمان‌های فاقد سند رسمی مستقر در واحد ثبتی، تصرفات مالکانه بلامعارض متقاضیان محرز گردیده است. لذا مشخصات متقاضیان و املاک مورد تقاضا به شرح زیر به منظور اطلاع عموم در دو نوبت به فاصله ۱۵ روز آگهی می‌شود. در صورتی که اشخاص نسبت به صدور سند مالکیت متقاضیان اعتراضی داشته باشند می‌توانند از تاریخ انتشار اولین آگهی به مدت دو ماه اعتراض خود را به این اداره تسلیم و پس از اخذ رسید ظرف مدت یک ماه از تاریخ تسلیم اعتراض، دادخواست خود را به مرجع قضایی تقدیم نمایند. بدیهی است در صورت انقضای مدت مذکور و عدم وصول اعتراض طبق مقررات سند مالکیت صادر خواهد شد. تاریخ انتشار نوبت اول ۱۴۰۵/۰۷/۰۷ تاریخ انتشار نوبت دوم ۱۴۰۵/۰۷/۲۲
ناصر کلانتری
آگهی موضوع ماده ۳ قانون و ماده ۱۳ آیین‌نامه قانون تعیین تکلیف وضعیت ثبتی اراضی و ساختمان‌های فاقد سند رسمی
برابر آرای صادره هیأت موضوع قانون تعیین تکلیف وضعیت ثبتی اراضی و ساختمان‌های فاقد سند رسمی مستقر در واحد ثبتی، تصرفات مالکانه بلامعارض متقاضیان محرز گردیده است. لذا مشخصات متقاضیان و املاک مورد تقاضا به شرح زیر به منظور اطلاع عموم در دو نوبت به فاصله ۱۵ روز آگهی می‌شود. در صورتی که اشخاص نسبت به صدور سند مالکیت متقاضیان اعتراضی داشته باشند می‌توانند از تاریخ انتشار اولین آگهی به مدت دو ماه اعتراض خود را به این اداره تسلیم و پس از اخذ رسید ظرف مدت یک ماه از تاریخ تسلیم اعتراض، دادخواست خود را به مرجع قضایی تقدیم نمایند. بدیهی است در صورت انقضای مدت مذکور و عدم وصول اعتراض طبق مقررات سند مالکیت صادر خواهد شد. تاریخ انتشار نوبت اول ۱۴۰۵/۰۷/۰۷ تاریخ انتشار نوبت دوم ۱۴۰۵/۰۷/۲۲
رئیس ثبت اسناد و املاک فیروزکوه
آگهی موضوع ماده ۳ قانون و ماده ۱۳ آیین‌نامه قانون تعیین تکلیف وضعیت ثبتی اراضی و ساختمان‌های فاقد سند رسمی
برابر آرای صادره هیأت موضوع قانون تعیین تکلیف وضعیت ثبتی اراضی و ساختمان‌های فاقد سند رسمی مستقر در واحد ثبتی، تصرفات مالکانه بلامعارض متقاضیان محرز گردیده است. لذا مشخصات متقاضیان و املاک مورد تقاضا به شرح زیر به منظور اطلاع عموم در دو نوبت به فاصله ۱۵ روز آگهی می‌شود. در صورتی که اشخاص نسبت به صدور سند مالکیت متقاضیان اعتراضی داشته باشند می‌توانند از تاریخ انتشار اولین آگهی به مدت دو ماه اعتراض خود را به این اداره تسلیم و پس از اخذ رسید ظرف مدت یک ماه از تاریخ تسلیم اعتراض، دادخواست خود را به مرجع قضایی تقدیم نمایند. بدیهی است در صورت انقضای مدت مذکور و عدم وصول اعتراض طبق مقررات سند مالکیت صادر خواهد شد. تاریخ انتشار نوبت اول ۱۴۰۵/۰۷/۰۷ تاریخ انتشار نوبت دوم ۱۴۰۵/۰۷/۲۲
جلیل علیزاده کلاریکی
آگهی موضوع ماده ۳ قانون و ماده ۱۳ آیین‌نامه قانون تعیین تکلیف وضعیت ثبتی اراضی و ساختمان‌های فاقد سند رسمی
برابر آرای صادره هیأت موضوع قانون تعیین تکلیف وضعیت ثبتی اراضی و ساختمان‌های فاقد سند رسمی مستقر در واحد ثبتی، تصرفات مالکانه بلامعارض متقاضیان محرز گردیده است. لذا مشخصات متقاضیان و املاک مورد تقاضا به شرح زیر به منظور اطلاع عموم در دو نوبت به فاصله ۱۵ روز آگهی می‌شود. در صورتی که اشخاص نسبت به صدور سند مالکیت متقاضیان اعتراضی داشته باشند می‌توانند از تاریخ انتشار اولین آگهی به مدت دو ماه اعتراض خود را به این اداره تسلیم و پس از اخذ رسید ظرف مدت یک ماه از تاریخ تسلیم اعتراض، دادخواست خود را به مرجع قضایی تقدیم نمایند. بدیهی است در صورت انقضای مدت مذکور و عدم وصول اعتراض طبق مقررات سند مالکیت صادر خواهد شد. تاریخ انتشار نوبت اول ۱۴۰۵/۰۷/۰۷ تاریخ انتشار نوبت دوم ۱۴۰۵/۰۷/۲۲
رئیس اداره ثبت اسناد و املاک ساوجبلاغ
آگهی موضوع ماده ۳ قانون و ماده ۱۳ آیین‌نامه قانون تعیین تکلیف وضعیت ثبتی اراضی و ساختمان‌های فاقد سند رسمی
برابر آرای صادره هیأت موضوع قانون تعیین تکلیف وضعیت ثبتی اراضی و ساختمان‌های فاقد سند رسمی مستقر در واحد ثبتی، تصرفات مالکانه بلامعارض متقاضیان محرز گردیده است. لذا مشخصات متقاضیان و املاک مورد تقاضا به شرح زیر به منظور اطلاع عموم در دو نوبت به فاصله ۱۵ روز آگهی می‌شود. در صورتی که اشخاص نسبت به صدور سند مالکیت متقاضیان اعتراضی داشته باشند می‌توانند از تاریخ انتشار اولین آگهی به مدت دو ماه اعتراض خود را به این اداره تسلیم و پس از اخذ رسید ظرف مدت یک ماه از تاریخ تسلیم اعتراض، دادخواست خود را به مرجع قضایی تقدیم نمایند. بدیهی است در صورت انقضای مدت مذکور و عدم وصول اعتراض طبق مقررات سند مالکیت صادر خواهد شد. تاریخ انتشار نوبت اول ۱۴۰۵/۰۷/۰۷ تاریخ انتشار نوبت دوم ۱۴۰۵/۰۷/۲۲
احمد ظفری - سرپرست اداره ثبت اسناد
آگهی موضوع ماده ۳ قانون و ماده ۱۳ آیین‌نامه قانون تعیین تکلیف وضعیت ثبتی اراضی و ساختمان‌های فاقد سند رسمی
برابر آرای صادره هیأت موضوع قانون تعیین تکلیف وضعیت ثبتی اراضی و ساختمان‌های فاقد سند رسمی مستقر در واحد ثبتی، تصرفات مالکانه بلامعارض متقاضیان محرز گردیده است. لذا مشخصات متقاضیان و املاک مورد تقاضا به شرح زیر به منظور اطلاع عموم در دو نوبت به فاصله ۱۵ روز آگهی می‌شود. در صورتی که اشخاص نسبت به صدور سند مالکیت متقاضیان اعتراضی داشته باشند می‌توانند از تاریخ انتشار اولین آگهی به مدت دو ماه اعتراض خود را به این اداره تسلیم و پس از اخذ رسید ظرف مدت یک ماه از تاریخ تسلیم اعتراض، دادخواست خود را به مرجع قضایی تقدیم نمایند. بدیهی است در صورت انقضای مدت مذکور و عدم وصول اعتراض طبق مقررات سند مالکیت صادر خواهد شد. تاریخ انتشار نوبت اول ۱۴۰۵/۰۷/۰۷ تاریخ انتشار نوبت دوم ۱۴۰۵/۰۷/۲۲
مهدی جدیدی
آگهی موضوع ماده ۳ قانون و ماده ۱۳ آیین‌نامه قانون تعیین تکلیف وضعیت ثبتی اراضی و ساختمان‌های فاقد سند رسمی
برابر آرای صادره هیأت موضوع قانون تعیین تکلیف وضعیت ثبتی اراضی و ساختمان‌های فاقد سند رسمی مستقر در واحد ثبتی، تصرفات مالکانه بلامعارض متقاضیان محرز گردیده است. لذا مشخصات متقاضیان و املاک مورد تقاضا به شرح زیر به منظور اطلاع عموم در دو نوبت به فاصله ۱۵ روز آگهی می‌شود. در صورتی که اشخاص نسبت به صدور سند مالکیت متقاضیان اعتراضی داشته باشند می‌توانند از تاریخ انتشار اولین آگهی به مدت دو ماه اعتراض خود را به این اداره تسلیم و پس از اخذ رسید ظرف مدت یک ماه از تاریخ تسلیم اعتراض، دادخواست خود را به مرجع قضایی تقدیم نمایند. بدیهی است در صورت انقضای مدت مذکور و عدم وصول اعتراض طبق مقررات سند مالکیت صادر خواهد شد. تاریخ انتشار نوبت اول ۱۴۰۵/۰۷/۰۷ تاریخ انتشار نوبت دوم ۱۴۰۵/۰۷/۲۲
رئیس ثبت اسناد و املاک ورامین
آگهی موضوع ماده ۳ قانون و ماده ۱۳ آیین‌نامه قانون تعیین تکلیف وضعیت ثبتی اراضی و ساختمان‌های فاقد سند رسمی
برابر آرای صادره هیأت موضوع قانون تعیین تکلیف وضعیت ثبتی اراضی و ساختمان‌های فاقد سند رسمی مستقر در واحد ثبتی، تصرفات مالکانه بلامعارض متقاضیان محرز گردیده است. لذا مشخصات متقاضیان و املاک مورد تقاضا به شرح زیر به منظور اطلاع عموم در دو نوبت به فاصله ۱۵ روز آگهی می‌شود. در صورتی که اشخاص نسبت به صدور سند مالکیت متقاضیان اعتراضی داشته باشند می‌توانند از تاریخ انتشار اولین آگهی به مدت دو ماه اعتراض خود را به این اداره تسلیم و پس از اخذ رسید ظرف مدت یک ماه از تاریخ تسلیم اعتراض، دادخواست خود را به مرجع قضایی تقدیم نمایند. بدیهی است در صورت انقضای مدت مذکور و عدم وصول اعتراض طبق مقررات سند مالکیت صادر خواهد شد. تاریخ انتشار نوبت اول ۱۴۰۵/۰۷/۰۷ تاریخ انتشار نوبت دوم ۱۴۰۵/۰۷/۲۲
سید هاشم موسوی
آگهی موضوع ماده ۳ قانون و ماده ۱۳ آیین‌نامه قانون تعیین تکلیف وضعیت ثبتی اراضی و ساختمان‌های فاقد سند رسمی
برابر آرای صادره هیأت موضوع قانون تعیین تکلیف وضعیت ثبتی اراضی و ساختمان‌های فاقد سند رسمی مستقر در واحد ثبتی، تصرفات مالکانه بلامعارض متقاضیان محرز گردیده است. لذا مشخصات متقاضیان و املاک مورد تقاضا به شرح زیر به منظور اطلاع عموم در دو نوبت به فاصله ۱۵ روز آگهی می‌شود. در صورتی که اشخاص نسبت به صدور سند مالکیت متقاضیان اعتراضی داشته باشند می‌توانند از تاریخ انتشار اولین آگهی به مدت دو ماه اعتراض خود را به این اداره تسلیم و پس از اخذ رسید ظرف مدت یک ماه از تاریخ تسلیم اعتراض، دادخواست خود را به مرجع قضایی تقدیم نمایند. بدیهی است در صورت انقضای مدت مذکور و عدم وصول اعتراض طبق مقررات سند مالکیت صادر خواهد شد. تاریخ انتشار نوبت اول ۱۴۰۵/۰۷/۰۷ تاریخ انتشار نوبت دوم ۱۴۰۵/۰۷/۲۲
ابوالفضل بخشی
آگهی موضوع ماده ۳ قانون و ماده ۱۳ آیین‌نامه قانون تعیین تکلیف وضعیت ثبتی اراضی و ساختمان‌های فاقد سند رسمی
برابر آرای صادره هیأت موضوع قانون تعیین تکلیف وضعیت ثبتی اراضی و ساختمان‌های فاقد سند رسمی مستقر در واحد ثبتی، تصرفات مالکانه بلامعارض متقاضیان محرز گردیده است. لذا مشخصات متقاضیان و املاک مورد تقاضا به شرح زیر به منظور اطلاع عموم در دو نوبت به فاصله ۱۵ روز آگهی می‌شود. در صورتی که اشخاص نسبت به صدور سند مالکیت متقاضیان اعتراضی داشته باشند می‌توانند از تاریخ انتشار اولین آگهی به مدت دو ماه اعتراض خود را به این اداره تسلیم و پس از اخذ رسید ظرف مدت یک ماه از تاریخ تسلیم اعتراض، دادخواست خود را به مرجع قضایی تقدیم نمایند. بدیهی است در صورت انقضای مدت مذکور و عدم وصول اعتراض طبق مقررات سند مالکیت صادر خواهد شد. تاریخ انتشار نوبت اول ۱۴۰۵/۰۷/۰۷ تاریخ انتشار نوبت دوم ۱۴۰۵/۰۷/۲۲
انوشیروان بختیاری
آگهی موضوع ماده ۳ قانون و ماده ۱۳ آیین‌نامه قانون تعیین تکلیف وضعیت ثبتی اراضی و ساختمان‌های فاقد سند رسمی
برابر آرای صادره هیأت موضوع قانون تعیین تکلیف وضعیت ثبتی اراضی و ساختمان‌های فاقد سند رسمی مستقر در واحد ثبتی، تصرفات مالکانه بلامعارض متقاضیان محرز گردیده است. لذا مشخصات متقاضیان و املاک مورد تقاضا به شرح زیر به منظور اطلاع عموم در دو نوبت به فاصله ۱۵ روز آگهی می‌شود. در صورتی که اشخاص نسبت به صدور سند مالکیت متقاضیان اعتراضی داشته باشند می‌توانند از تاریخ انتشار اولین آگهی به مدت دو ماه اعتراض خود را به این اداره تسلیم و پس از اخذ رسید ظرف مدت یک ماه از تاریخ تسلیم اعتراض، دادخواست خود را به مرجع قضایی تقدیم نمایند. بدیهی است در صورت انقضای مدت مذکور و عدم وصول اعتراض طبق مقررات سند مالکیت صادر خواهد شد. تاریخ انتشار نوبت اول ۱۴۰۵/۰۷/۰۷ تاریخ انتشار نوبت دوم ۱۴۰۵/۰۷/۲۲
ناصر کلانتری
آگهی موضوع ماده ۳ قانون و ماده ۱۳ آیین‌نامه قانون تعیین تکلیف وضعیت ثبتی اراضی و ساختمان‌های فاقد سند رسمی
برابر آرای صادره هیأت موضوع قانون تعیین تکلیف وضعیت ثبتی اراضی و ساختمان‌های فاقد سند رسمی مستقر در واحد ثبتی، تصرفات مالکانه بلامعارض متقاضیان محرز گردیده است. لذا مشخصات متقاضیان و املاک مورد تقاضا به شرح زیر به منظور اطلاع عموم در دو نوبت به فاصله ۱۵ روز آگهی می‌شود. در صورتی که اشخاص نسبت به صدور سند مالکیت متقاضیان اعتراضی داشته باشند می‌توانند از تاریخ انتشار اولین آگهی به مدت دو ماه اعتراض خود را به این اداره تسلیم و پس از اخذ رسید ظرف مدت یک ماه از تاریخ تسلیم اعتراض، دادخواست خود را به مرجع قضایی تقدیم نمایند. بدیهی است در صورت انقضای مدت مذکور و عدم وصول اعتراض طبق مقررات سند مالکیت صادر خواهد شد. تاریخ انتشار نوبت اول ۱۴۰۵/۰۷/۰۷ تاریخ انتشار نوبت دوم ۱۴۰۵/۰۷/۲۲
رئیس ثبت اسناد و املاک فیروزکوه
آگهی موضوع ماده ۳ قانون و ماده ۱۳ آیین‌نامه قانون تعیین تکلیف وضعیت ثبتی اراضی و ساختمان‌های فاقد سند رسمی
برابر آرای صادره هیأت موضوع قانون تعیین تکلیف وضعیت ثبتی اراضی و ساختمان‌های فاقد سند رسمی مستقر در واحد ثبتی، تصرفات مالکانه بلامعارض متقاضیان محرز گردیده است. لذا مشخصات متقاضیان و املاک مورد تقاضا به شرح زیر به منظور اطلاع عموم در دو نوبت به فاصله ۱۵ روز آگهی می‌شود. در صورتی که اشخاص نسبت به صدور سند مالکیت متقاضیان اعتراضی داشته باشند می‌توانند از تاریخ انتشار اولین آگهی به مدت دو ماه اعتراض خود را به این اداره تسلیم و پس از اخذ رسید ظرف مدت یک ماه از تاریخ تسلیم اعتراض، دادخواست خود را به مرجع قضایی تقدیم نمایند. بدیهی است در صورت انقضای مدت مذکور و عدم وصول اعتراض طبق مقررات سند مالکیت صادر خواهد شد. تاریخ انتشار نوبت اول ۱۴۰۵/۰۷/۰۷ تاریخ انتشار نوبت دوم ۱۴۰۵/۰۷/۲۲
جلیل علیزاده کلاریکی
آگهی موضوع ماده ۳ قانون و ماده ۱۳ آیین‌نامه قانون تعیین تکلیف وضعیت ثبتی اراضی و ساختمان‌های فاقد سند رسمی
برابر آرای صادره هیأت موضوع قانون تعیین تکلیف وضعیت ثبتی اراضی و ساختمان‌های فاقد سند رسمی مستقر در واحد ثبتی، تصرفات مالکانه بلامعارض متقاضیان محرز گردیده است. لذا مشخصات متقاضیان و املاک مورد تقاضا به شرح زیر به منظور اطلاع عموم در دو نوبت به فاصله ۱۵ روز آگهی می‌شود. در صورتی که اشخاص نسبت به صدور سند مالکیت متقاضیان اعتراضی داشته باشند می‌توانند از تاریخ انتشار اولین آگهی به مدت دو ماه اعتراض خود را به این اداره تسلیم و پس از اخذ رسید ظرف مدت یک ماه از تاریخ تسلیم اعتراض، دادخواست خود را به مرجع قضایی تقدیم نمایند. بدیهی است در صورت انقضای مدت مذکور و عدم وصول اعتراض طبق مقررات سند مالکیت صادر خواهد شد. تاریخ انتشار نوبت اول ۱۴۰۵/۰۷/۰۷ تاریخ انتشار نوبت دوم ۱۴۰۵/۰۷/۲۲
رئیس اداره ثبت اسناد و املاک ساوجبلاغ
آگهی موضوع ماده ۳ قانون و ماده ۱۳ آیین‌نامه قانون تعیین تکلیف وضعیت ثبتی اراضی و ساختمان‌های فاقد سند رسمی
برابر آرای صادره هیأت موضوع قانون تعیین تکلیف وضعیت ثبتی اراضی و ساختمان‌های فاقد سند رسمی مستقر در واحد ثبتی، تصرفات مالکانه بلامعارض متقاضیان محرز گردیده است. لذا مشخصات متقاضیان و املاک مورد تقاضا به شرح زیر به منظور اطلاع عموم در دو نوبت به فاصله ۱۵ روز آگهی می‌شود. در صورتی که اشخاص نسبت به صدور سند مالکیت متقاضیان اعتراضی داشته باشند می‌توانند از تاریخ انتشار اولین آگهی به مدت دو ماه اعتراض خود را به این اداره تسلیم و پس از اخذ رسید ظرف مدت یک ماه از تاریخ تسلیم اعتراض، دادخواست خود را به مرجع قضایی تقدیم نمایند. بدیهی است در صورت انقضای مدت مذکور و عدم وصول اعتراض طبق مقررات سند مالکیت صادر خواهد شد. تاریخ انتشار نوبت اول ۱۴۰۵/۰۷/۰۷ تاریخ انتشار نوبت دوم ۱۴۰۵/۰۷/۲۲
احمد ظفری - سرپرست اداره ثبت اسناد
